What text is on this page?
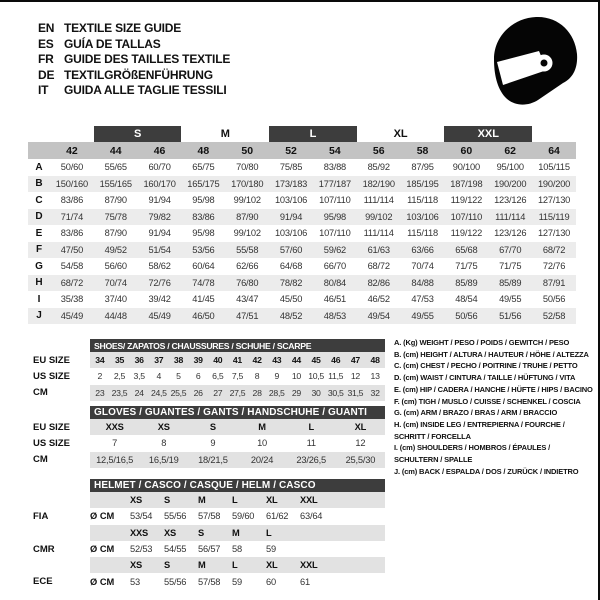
EN TEXTILE SIZE GUIDE
ES GUÍA DE TALLAS
FR GUIDE DES TAILLES TEXTILE
DE TEXTILGRÖßENFÜHRUNG
IT	GUIDA ALLE TAGLIE TESSILI
		S		M		L		XL		XXL		
	42	44	46	48	50	52	54	56	58	60	62	64
A	50/60	55/65	60/70	65/75	70/80	75/85	83/88	85/92	87/95	90/100	95/100	105/115
B	150/160	155/165	160/170	165/175	170/180	173/183	177/187	182/190	185/195	187/198	190/200	190/200
C	83/86	87/90	91/94	95/98	99/102	103/106	107/110	111/114	115/118	119/122	123/126	127/130
D	71/74	75/78	79/82	83/86	87/90	91/94	95/98	99/102	103/106	107/110	111/114	115/119
E	83/86	87/90	91/94	95/98	99/102	103/106	107/110	111/114	115/118	119/122	123/126	127/130
F	47/50	49/52	51/54	53/56	55/58	57/60	59/62	61/63	63/66	65/68	67/70	68/72
G	54/58	56/60	58/62	60/64	62/66	64/68	66/70	68/72	70/74	71/75	71/75	72/76
H	68/72	70/74	72/76	74/78	76/80	78/82	80/84	82/86	84/88	85/89	85/89	87/91
I	35/38	37/40	39/42	41/45	43/47	45/50	46/51	46/52	47/53	48/54	49/55	50/56
J	45/49	44/48	45/49	46/50	47/51	48/52	48/53	49/54	49/55	50/56	51/56	52/58
A. (Kg) WEIGHT / PESO / POIDS / GEWITCH / PESO
B. (cm) HEIGHT / ALTURA / HAUTEUR / HÖHE / ALTEZZA
C. (cm) CHEST / PECHO / POITRINE / TRUHE / PETTO
D. (cm) WAIST / CINTURA / TAILLE / HÜFTUNG / VITA
E. (cm) HIP / CADERA / HANCHE / HÜFTE / HIPS / BACINO
F. (cm) TIGH / MUSLO / CUISSE / SCHENKEL / COSCIA
G. (cm) ARM / BRAZO / BRAS / ARM / BRACCIO
H. (cm) INSIDE LEG / ENTREPIERNA / FOURCHE / SCHRITT / FORCELLA
I. (cm) SHOULDERS / HOMBROS / ÉPAULES / SCHULTERN / SPALLE
J. (cm) BACK / ESPALDA / DOS / ZURÜCK / INDIETRO
	SHOES/ ZAPATOS / CHAUSSURES / SCHUHE / SCARPE														
EU SIZE	34	35	36	37	38	39	40	41	42	43	44	45	46	47	48
US SIZE	2	2,5	3,5	4	5	6	6,5	7,5	8	9	10	10,5	11,5	12	13
CM	23	23,5	24	24,5	25,5	26	27	27,5	28	28,5	29	30	30,5	31,5	32
	GLOVES / GUANTES / GANTS / HANDSCHUHE / GUANTI					
EU SIZE	XXS	XS	S	M	L	XL
US SIZE	7	8	9	10	11	12
CM	12,5/16,5	16,5/19	18/21,5	20/24	23/26,5	25,5/30
	HELMET / CASCO / CASQUE / HELM / CASCO							
		XS	S	M	L	XL	XXL	
FIA	Ø CM	53/54	55/56	57/58	59/60	61/62	63/64	
		XXS	XS	S	M	L		
CMR	Ø CM	52/53	54/55	56/57	58	59		
		XS	S	M	L	XL	XXL	
ECE	Ø CM	53	55/56	57/58	59	60	61	
